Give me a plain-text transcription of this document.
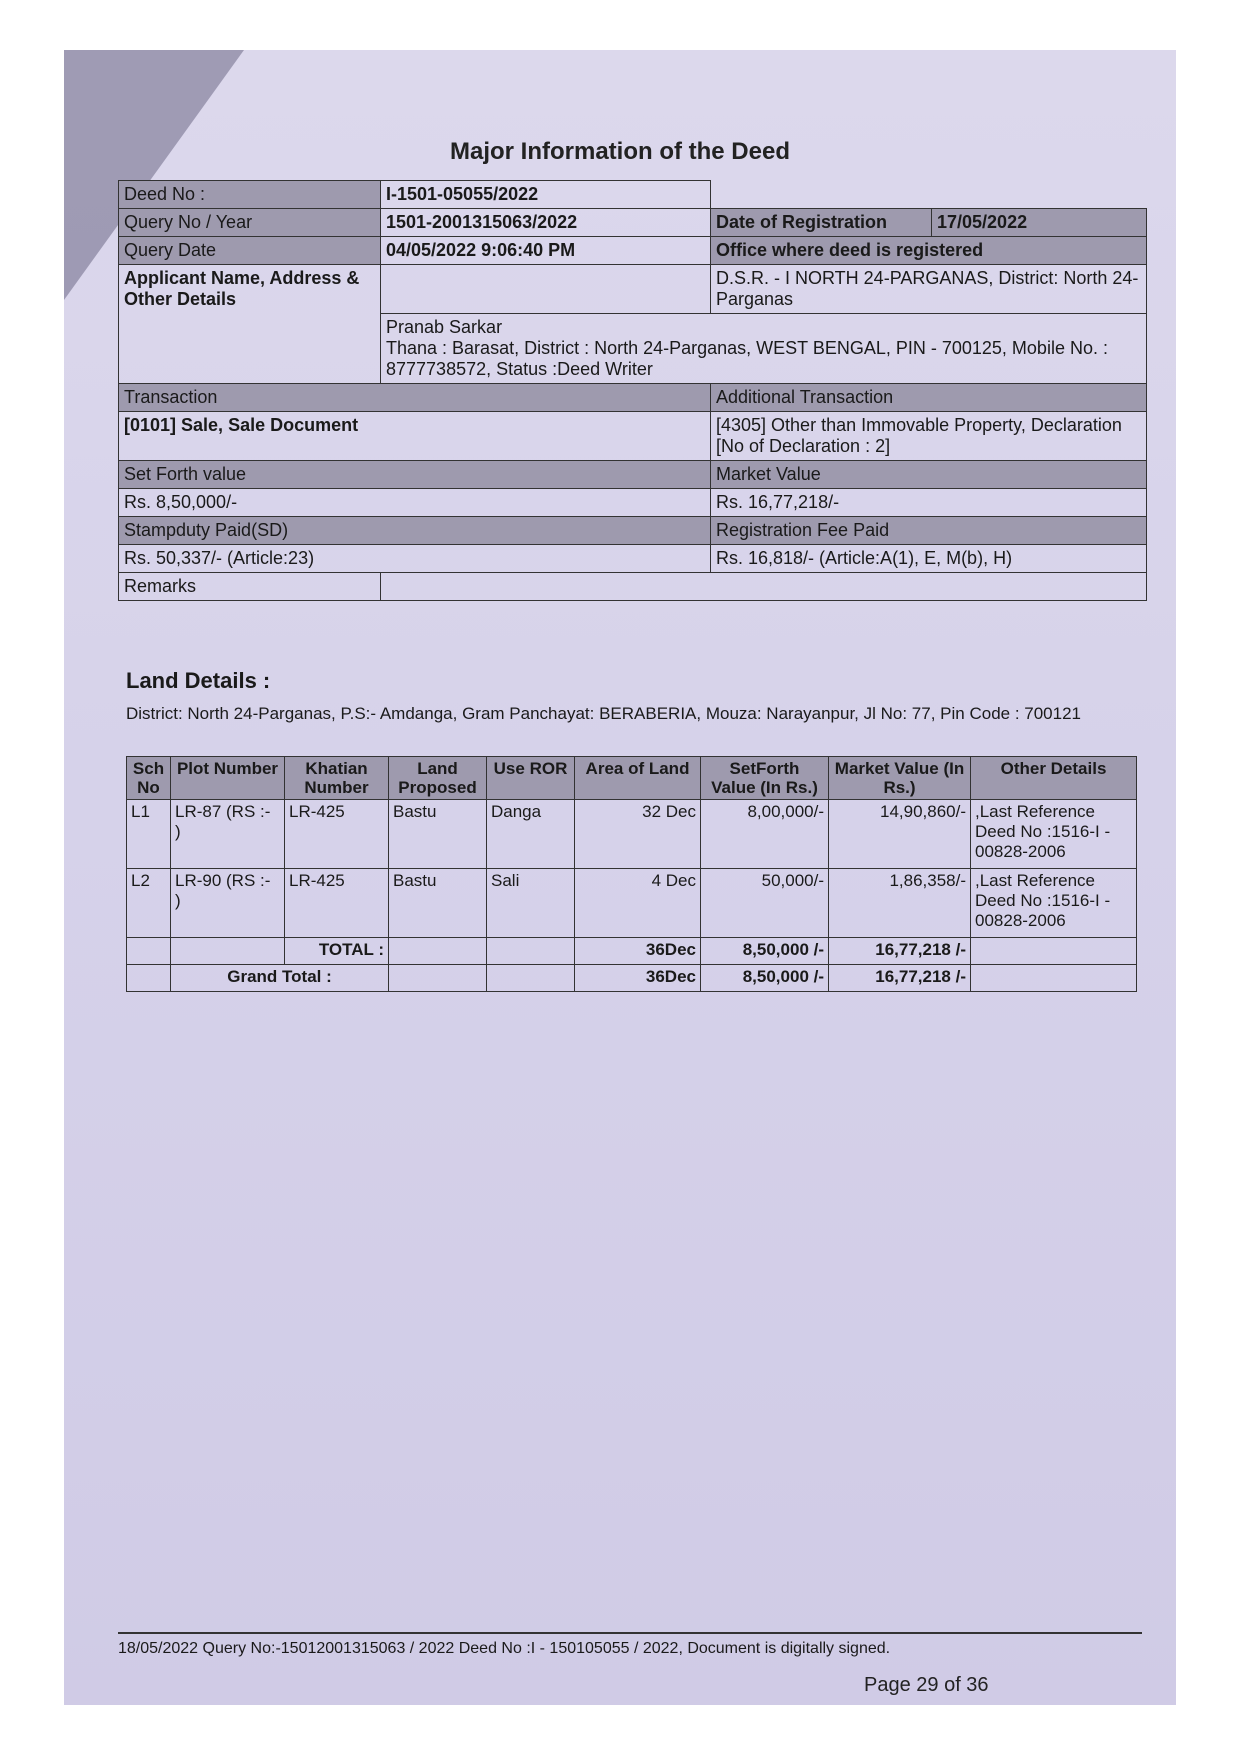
Major Information of the Deed
Deed No :	I-1501-05055/2022	
Query No / Year	1501-2001315063/2022		Date of Registration	17/05/2022

Query Date	04/05/2022 9:06:40 PM	Office where deed is registered
Applicant Name, Address & Other Details		D.S.R. - I NORTH 24-PARGANAS, District: North 24-Parganas

Pranab Sarkar
Thana : Barasat, District : North 24-Parganas, WEST BENGAL, PIN - 700125, Mobile No. : 8777738572, Status :Deed Writer

Transaction	Additional Transaction
[0101] Sale, Sale Document	[4305] Other than Immovable Property, Declaration [No of Declaration : 2]
Set Forth value	Market Value
Rs. 8,50,000/-	Rs. 16,77,218/-
Stampduty Paid(SD)	Registration Fee Paid
Rs. 50,337/- (Article:23)	Rs. 16,818/- (Article:A(1), E, M(b), H)
Remarks	
Land Details :
District: North 24-Parganas, P.S:- Amdanga, Gram Panchayat: BERABERIA, Mouza: Narayanpur, Jl No: 77, Pin Code : 700121
Sch No	Plot Number	Khatian Number	Land Proposed	Use ROR	Area of Land	SetForth Value (In Rs.)	Market Value (In Rs.)	Other Details
L1	LR-87 (RS :- )	LR-425	Bastu	Danga	32 Dec	8,00,000/-	14,90,860/-	,Last Reference Deed No :1516-I - 00828-2006
L2	LR-90 (RS :- )	LR-425	Bastu	Sali	4 Dec	50,000/-	1,86,358/-	,Last Reference Deed No :1516-I - 00828-2006
		TOTAL :			36Dec	8,50,000 /-	16,77,218 /-	
	Grand Total :				36Dec	8,50,000 /-	16,77,218 /-	
18/05/2022 Query No:-15012001315063 / 2022 Deed No :I - 150105055 / 2022, Document is digitally signed.
Page 29 of 36
